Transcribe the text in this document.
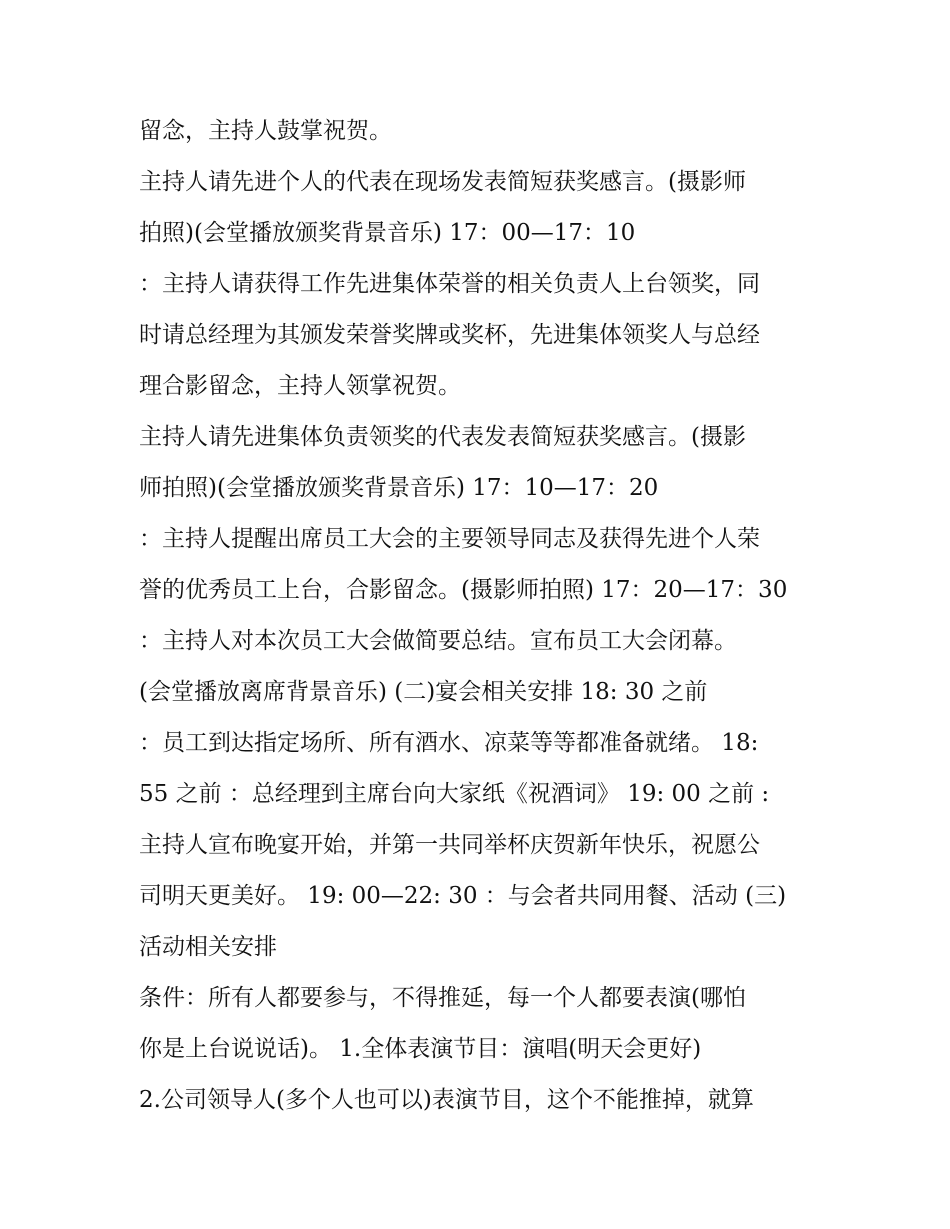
留念，主持人鼓掌祝贺。
主持人请先进个人的代表在现场发表简短获奖感言。(摄影师
拍照)(会堂播放颁奖背景音乐) 17：00—17：10
：主持人请获得工作先进集体荣誉的相关负责人上台领奖，同
时请总经理为其颁发荣誉奖牌或奖杯，先进集体领奖人与总经
理合影留念，主持人领掌祝贺。
主持人请先进集体负责领奖的代表发表简短获奖感言。(摄影
师拍照)(会堂播放颁奖背景音乐) 17：10—17：20
：主持人提醒出席员工大会的主要领导同志及获得先进个人荣
誉的优秀员工上台，合影留念。(摄影师拍照) 17：20—17：30
：主持人对本次员工大会做简要总结。宣布员工大会闭幕。
(会堂播放离席背景音乐) (二)宴会相关安排 18: 30 之前
：员工到达指定场所、所有酒水、凉菜等等都准备就绪。 18:
55 之前 ：总经理到主席台向大家纸《祝酒词》 19: 00 之前 :
主持人宣布晚宴开始，并第一共同举杯庆贺新年快乐，祝愿公
司明天更美好。 19: 00—22: 30 ：与会者共同用餐、活动 (三)
活动相关安排
条件：所有人都要参与，不得推延，每一个人都要表演(哪怕
你是上台说说话)。 1.全体表演节目：演唱(明天会更好)
2.公司领导人(多个人也可以)表演节目，这个不能推掉，就算
